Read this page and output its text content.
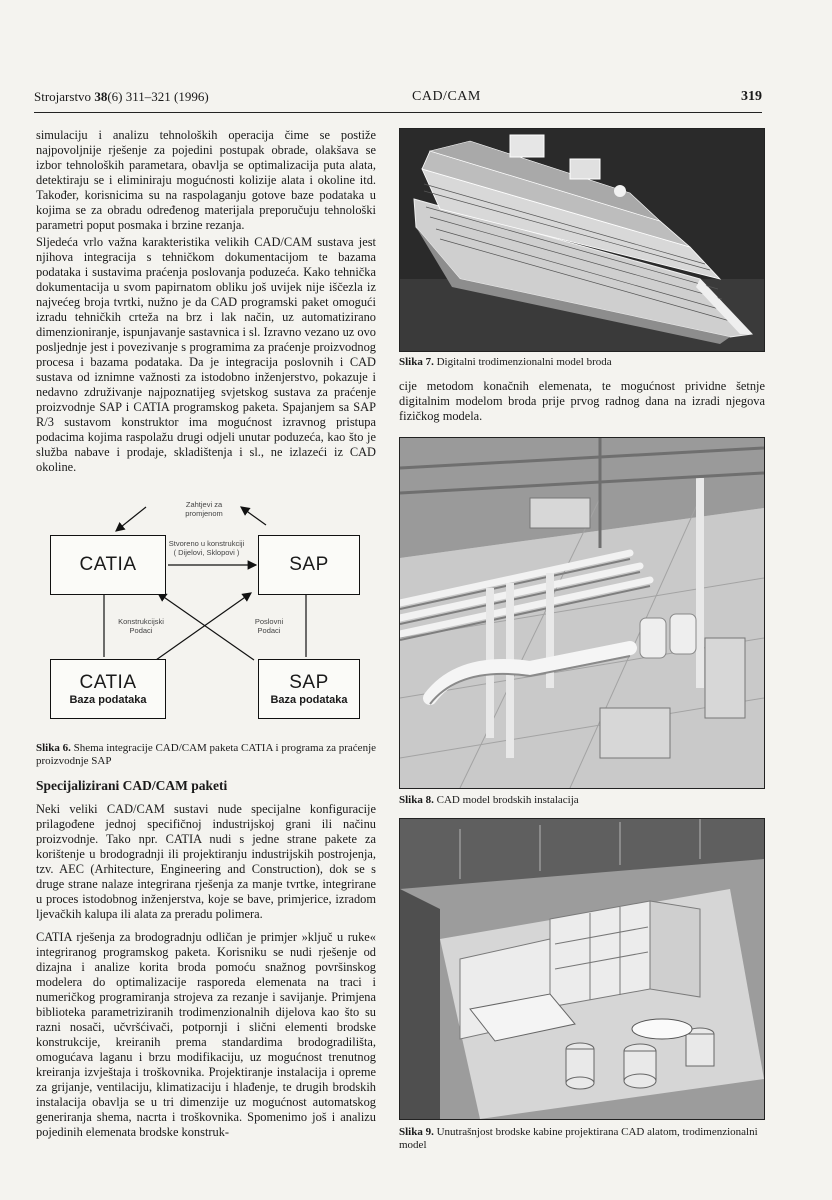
Strojarstvo 38(6) 311–321 (1996)	CAD/CAM	319

simulaciju i analizu tehnoloških operacija čime se postiže najpovoljnije rješenje za pojedini postupak obrade, olakšava se izbor tehnoloških parametara, obavlja se optimalizacija puta alata, detektiraju se i eliminiraju mogućnosti kolizije alata i okoline itd. Također, korisnicima su na raspolaganju gotove baze podataka u kojima se za obradu određenog materijala preporučuju tehnološki parametri poput posmaka i brzine rezanja.

Sljedeća vrlo važna karakteristika velikih CAD/CAM sustava jest njihova integracija s tehničkom dokumentacijom te bazama podataka i sustavima praćenja poslovanja poduzeća. Kako tehnička dokumentacija u svom papirnatom obliku još uvijek nije iščezla iz najvećeg broja tvrtki, nužno je da CAD programski paket omogući izradu tehničkih crteža na brz i lak način, uz automatizirano dimenzioniranje, ispunjavanje sastavnica i sl. Izravno vezano uz ovo posljednje jest i povezivanje s programima za praćenje proizvodnog procesa i bazama podataka. Da je integracija poslovnih i CAD sustava od iznimne važnosti za istodobno inženjerstvo, pokazuje i nedavno združivanje najpoznatijeg svjetskog sustava za praćenje proizvodnje SAP i CATIA programskog paketa. Spajanjem sa SAP R/3 sustavom konstruktor ima mogućnost izravnog pristupa podacima kojima raspolažu drugi odjeli unutar poduzeća, kao što je služba nabave i prodaje, skladištenja i sl., ne izlazeći iz CAD okoline.

Zahtjevi za
promjenom
Stvoreno u konstrukciji
( Dijelovi, Sklopovi )
Konstrukcijski
Podaci
Poslovni
Podaci
CATIA	SAP
CATIA
Baza podataka
SAP
Baza podataka

Slika 6. Shema integracije CAD/CAM paketa CATIA i programa za praćenje proizvodnje SAP

Specijalizirani CAD/CAM paketi

Neki veliki CAD/CAM sustavi nude specijalne konfiguracije prilagođene jednoj specifičnoj industrijskoj grani ili načinu proizvodnje. Tako npr. CATIA nudi s jedne strane pakete za korištenje u brodogradnji ili projektiranju industrijskih postrojenja, tzv. AEC (Arhitecture, Engineering and Construction), dok se s druge strane nalaze integrirana rješenja za manje tvrtke, integrirane u proces istodobnog inženjerstva, koje se bave, primjerice, izradom ljevačkih kalupa ili alata za preradu polimera.

CATIA rješenja za brodogradnju odličan je primjer »ključ u ruke« integriranog programskog paketa. Korisniku se nudi rješenje od dizajna i analize korita broda pomoću snažnog površinskog modelera do optimalizacije rasporeda elemenata na traci i numeričkog programiranja strojeva za rezanje i savijanje. Primjena biblioteka parametriziranih trodimenzionalnih dijelova kao što su razni nosači, učvršćivači, potpornji i slični elementi brodske konstrukcije, kreiranih prema standardima brodogradilišta, omogućava laganu i brzu modifikaciju, uz mogućnost trenutnog kreiranja izvještaja i troškovnika. Projektiranje instalacija i opreme za grijanje, ventilaciju, klimatizaciju i hlađenje, te drugih brodskih instalacija obavlja se u tri dimenzije uz mogućnost automatskog generiranja shema, nacrta i troškovnika. Spomenimo još i analizu pojedinih elemenata brodske konstruk-

Slika 7. Digitalni trodimenzionalni model broda

cije metodom konačnih elemenata, te mogućnost prividne šetnje digitalnim modelom broda prije prvog radnog dana na izradi njegova fizičkog modela.

Slika 8. CAD model brodskih instalacija

Slika 9. Unutrašnjost brodske kabine projektirana CAD alatom, trodimenzionalni model
